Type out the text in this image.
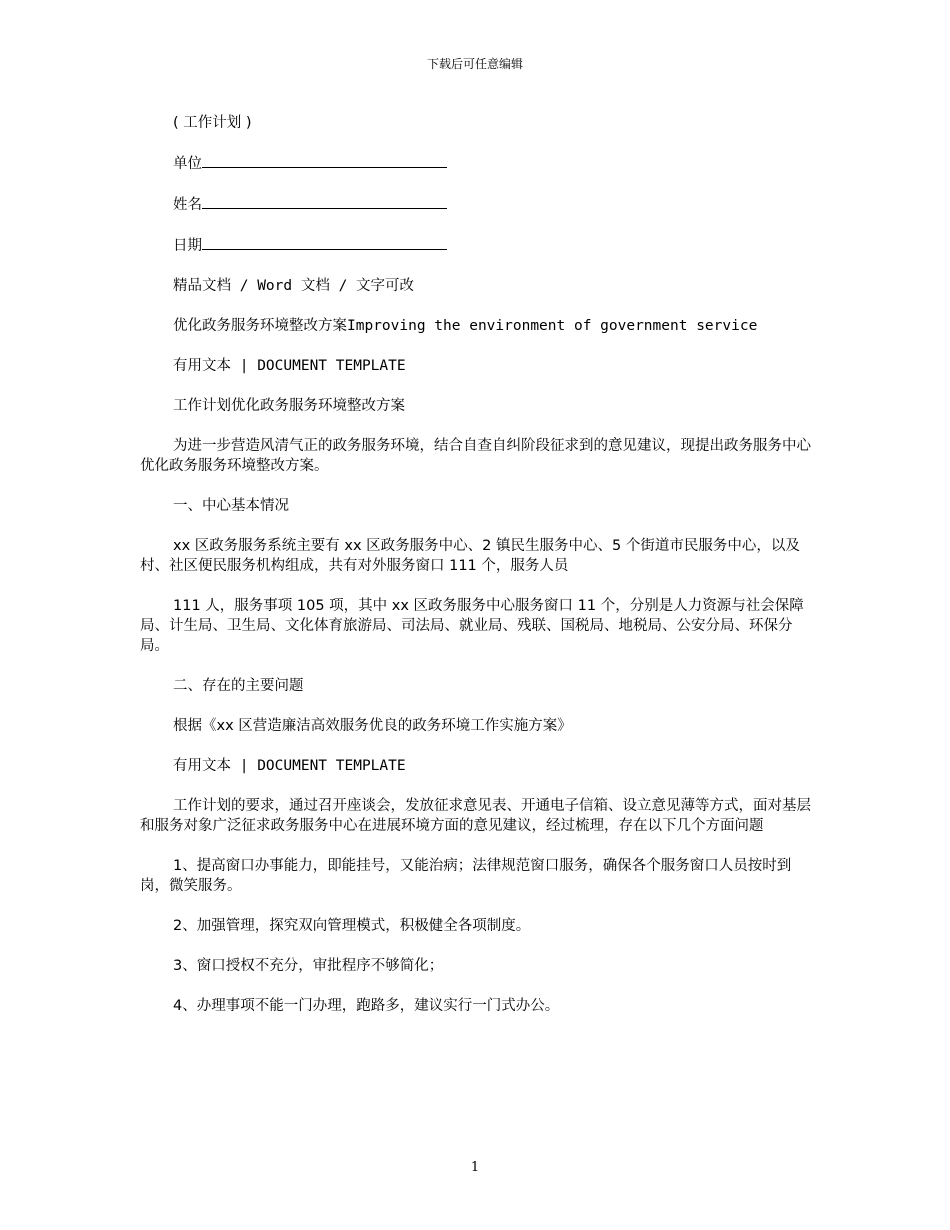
下载后可任意编辑

( 工作计划 )

单位

姓名

日期

精品文档 / Word 文档 / 文字可改

优化政务服务环境整改方案Improving the environment of government service

有用文本 | DOCUMENT TEMPLATE

工作计划优化政务服务环境整改方案

为进一步营造风清气正的政务服务环境，结合自查自纠阶段征求到的意见建议，现提出政务服务中心优化政务服务环境整改方案。

一、中心基本情况

xx 区政务服务系统主要有 xx 区政务服务中心、2 镇民生服务中心、5 个街道市民服务中心，以及村、社区便民服务机构组成，共有对外服务窗口 111 个，服务人员

111 人，服务事项 105 项，其中 xx 区政务服务中心服务窗口 11 个，分别是人力资源与社会保障局、计生局、卫生局、文化体育旅游局、司法局、就业局、残联、国税局、地税局、公安分局、环保分局。

二、存在的主要问题

根据《xx 区营造廉洁高效服务优良的政务环境工作实施方案》

有用文本 | DOCUMENT TEMPLATE

工作计划的要求，通过召开座谈会，发放征求意见表、开通电子信箱、设立意见薄等方式，面对基层和服务对象广泛征求政务服务中心在进展环境方面的意见建议，经过梳理，存在以下几个方面问题

1、提高窗口办事能力，即能挂号，又能治病；法律规范窗口服务，确保各个服务窗口人员按时到岗，微笑服务。

2、加强管理，探究双向管理模式，积极健全各项制度。

3、窗口授权不充分，审批程序不够简化；

4、办理事项不能一门办理，跑路多，建议实行一门式办公。

1
